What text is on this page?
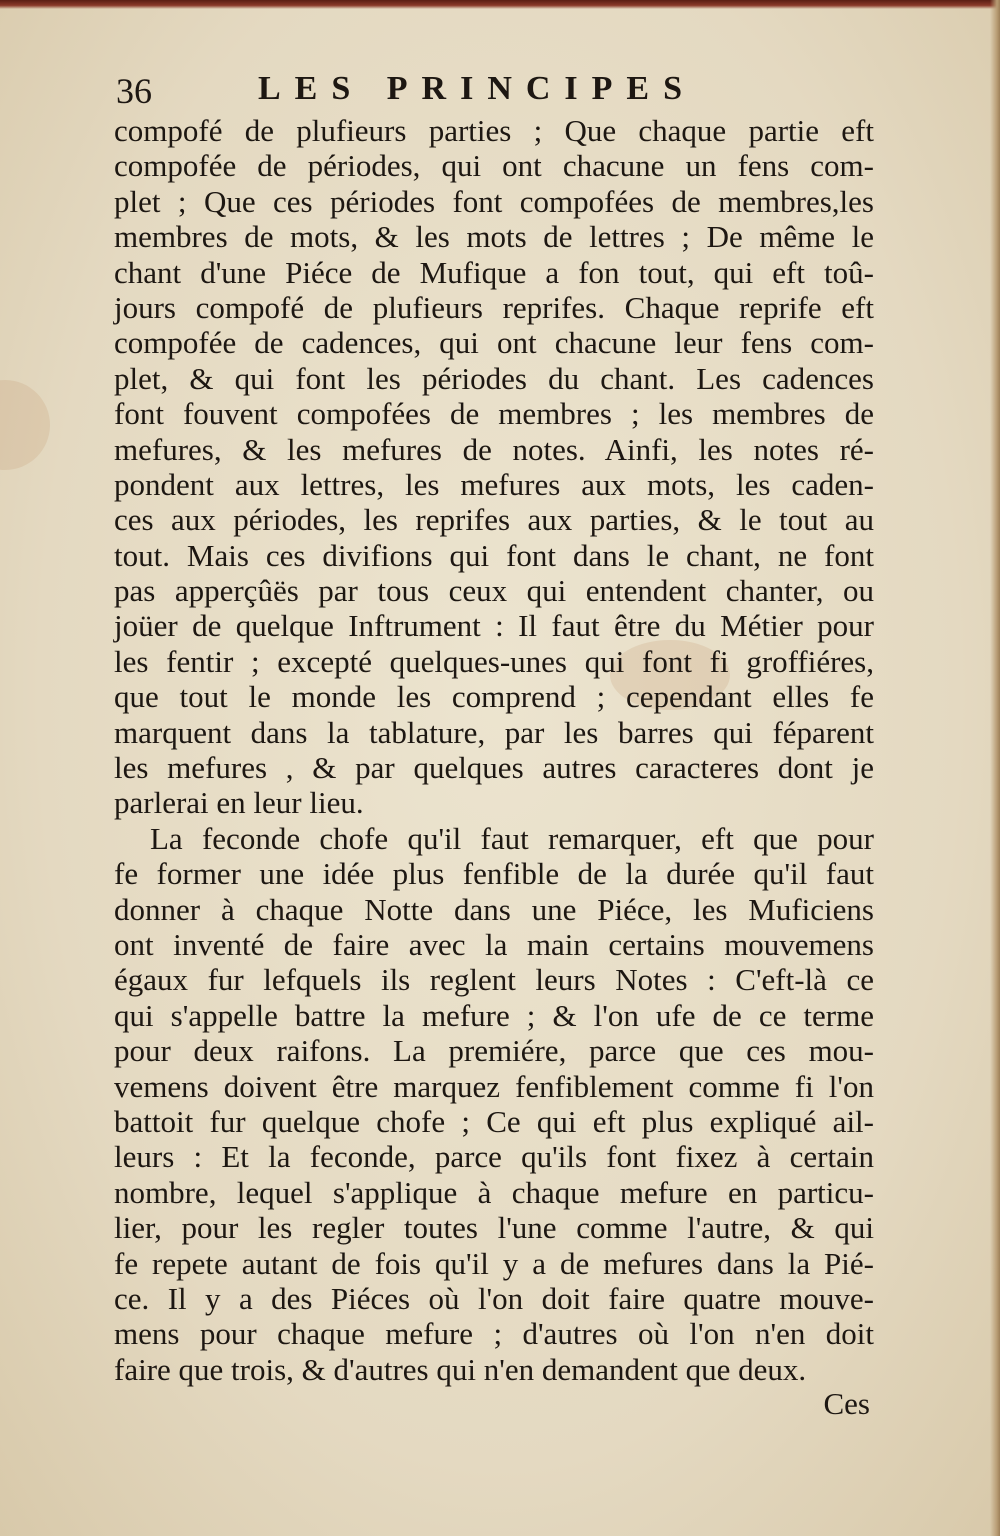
36	LES PRINCIPES
compofé de plufieurs parties ; Que chaque partie eft
compofée de périodes, qui ont chacune un fens com-
plet ; Que ces périodes font compofées de membres,les
membres de mots, & les mots de lettres ; De même le
chant d'une Piéce de Mufique a fon tout, qui eft toû-
jours compofé de plufieurs reprifes. Chaque reprife eft
compofée de cadences, qui ont chacune leur fens com-
plet, & qui font les périodes du chant. Les cadences
font fouvent compofées de membres ; les membres de
mefures, & les mefures de notes. Ainfi, les notes ré-
pondent aux lettres, les mefures aux mots, les caden-
ces aux périodes, les reprifes aux parties, & le tout au
tout. Mais ces divifions qui font dans le chant, ne font
pas apperçûës par tous ceux qui entendent chanter, ou
joüer de quelque Inftrument : Il faut être du Métier pour
les fentir ; excepté quelques-unes qui font fi groffiéres,
que tout le monde les comprend ; cependant elles fe
marquent dans la tablature, par les barres qui féparent
les mefures , & par quelques autres caracteres dont je
parlerai en leur lieu.
La feconde chofe qu'il faut remarquer, eft que pour
fe former une idée plus fenfible de la durée qu'il faut
donner à chaque Notte dans une Piéce, les Muficiens
ont inventé de faire avec la main certains mouvemens
égaux fur lefquels ils reglent leurs Notes : C'eft-là ce
qui s'appelle battre la mefure ; & l'on ufe de ce terme
pour deux raifons. La premiére, parce que ces mou-
vemens doivent être marquez fenfiblement comme fi l'on
battoit fur quelque chofe ; Ce qui eft plus expliqué ail-
leurs : Et la feconde, parce qu'ils font fixez à certain
nombre, lequel s'applique à chaque mefure en particu-
lier, pour les regler toutes l'une comme l'autre, & qui
fe repete autant de fois qu'il y a de mefures dans la Pié-
ce. Il y a des Piéces où l'on doit faire quatre mouve-
mens pour chaque mefure ; d'autres où l'on n'en doit
faire que trois, & d'autres qui n'en demandent que deux.
Ces
